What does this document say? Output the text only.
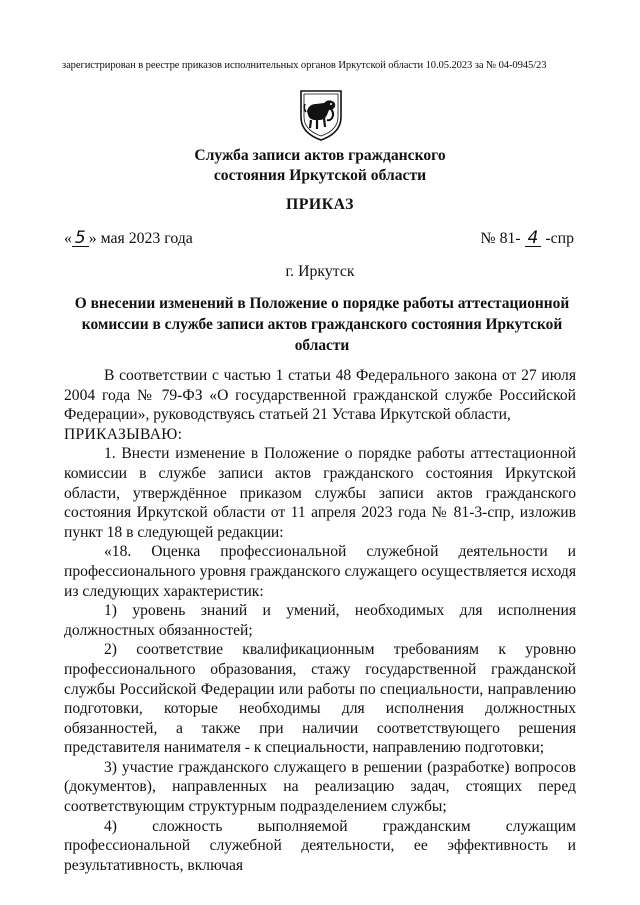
зарегистрирован в реестре приказов исполнительных органов Иркутской области 10.05.2023 за № 04-0945/23
Служба записи актов гражданского
состояния Иркутской области
ПРИКАЗ
« 5 » мая 2023 года	№ 81- 4 -спр
г. Иркутск
О внесении изменений в Положение о порядке работы аттестационной
комиссии в службе записи актов гражданского состояния Иркутской
области

В соответствии с частью 1 статьи 48 Федерального закона от 27 июля 2004 года № 79-ФЗ «О государственной гражданской службе Российской Федерации», руководствуясь статьей 21 Устава Иркутской области,

ПРИКАЗЫВАЮ:

1. Внести изменение в Положение о порядке работы аттестационной комиссии в службе записи актов гражданского состояния Иркутской области, утверждённое приказом службы записи актов гражданского состояния Иркутской области от 11 апреля 2023 года № 81-3-спр, изложив пункт 18 в следующей редакции:

«18. Оценка профессиональной служебной деятельности и профессионального уровня гражданского служащего осуществляется исходя из следующих характеристик:

1) уровень знаний и умений, необходимых для исполнения должностных обязанностей;

2) соответствие квалификационным требованиям к уровню профессионального образования, стажу государственной гражданской службы Российской Федерации или работы по специальности, направлению подготовки, которые необходимы для исполнения должностных обязанностей, а также при наличии соответствующего решения представителя нанимателя - к специальности, направлению подготовки;

3) участие гражданского служащего в решении (разработке) вопросов (документов), направленных на реализацию задач, стоящих перед соответствующим структурным подразделением службы;

4) сложность выполняемой гражданским служащим профессиональной служебной деятельности, ее эффективность и результативность, включая
